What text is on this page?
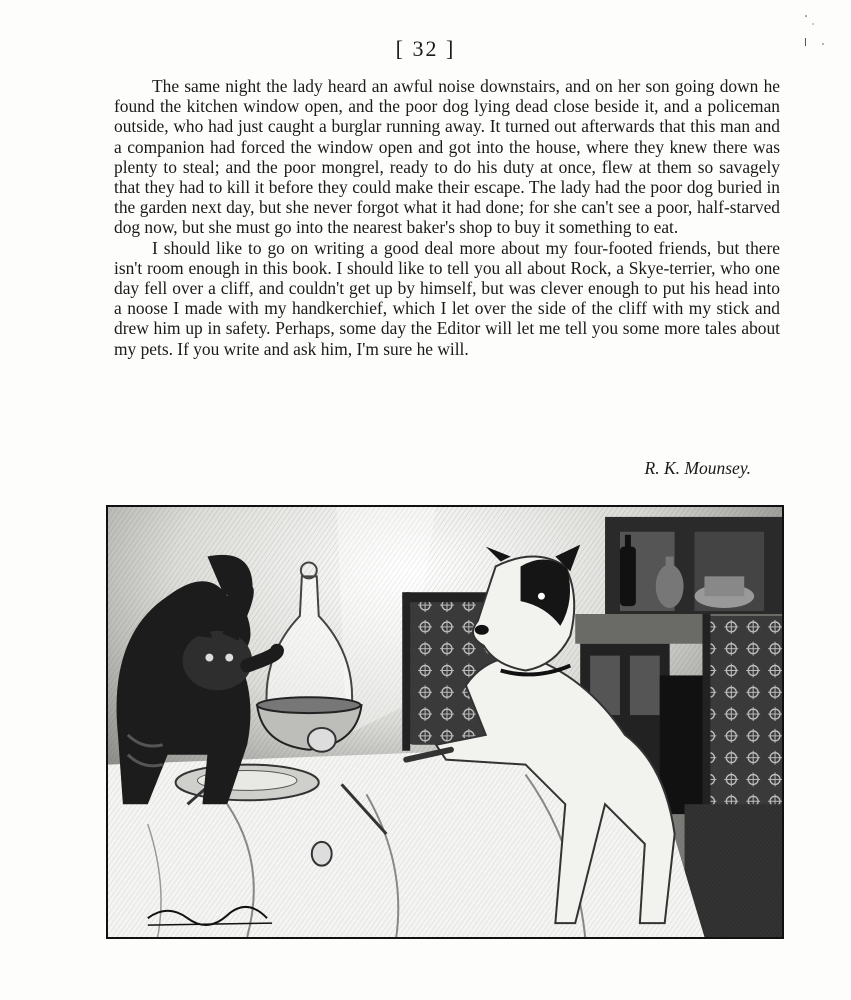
[ 32 ]

The same night the lady heard an awful noise downstairs, and on her son going down he found the kitchen window open, and the poor dog lying dead close beside it, and a policeman outside, who had just caught a burglar running away. It turned out afterwards that this man and a companion had forced the window open and got into the house, where they knew there was plenty to steal; and the poor mongrel, ready to do his duty at once, flew at them so savagely that they had to kill it before they could make their escape. The lady had the poor dog buried in the garden next day, but she never forgot what it had done; for she can't see a poor, half-starved dog now, but she must go into the nearest baker's shop to buy it something to eat.

I should like to go on writing a good deal more about my four-footed friends, but there isn't room enough in this book. I should like to tell you all about Rock, a Skye-terrier, who one day fell over a cliff, and couldn't get up by himself, but was clever enough to put his head into a noose I made with my handkerchief, which I let over the side of the cliff with my stick and drew him up in safety. Perhaps, some day the Editor will let me tell you some more tales about my pets. If you write and ask him, I'm sure he will.

R. K. Mounsey.
